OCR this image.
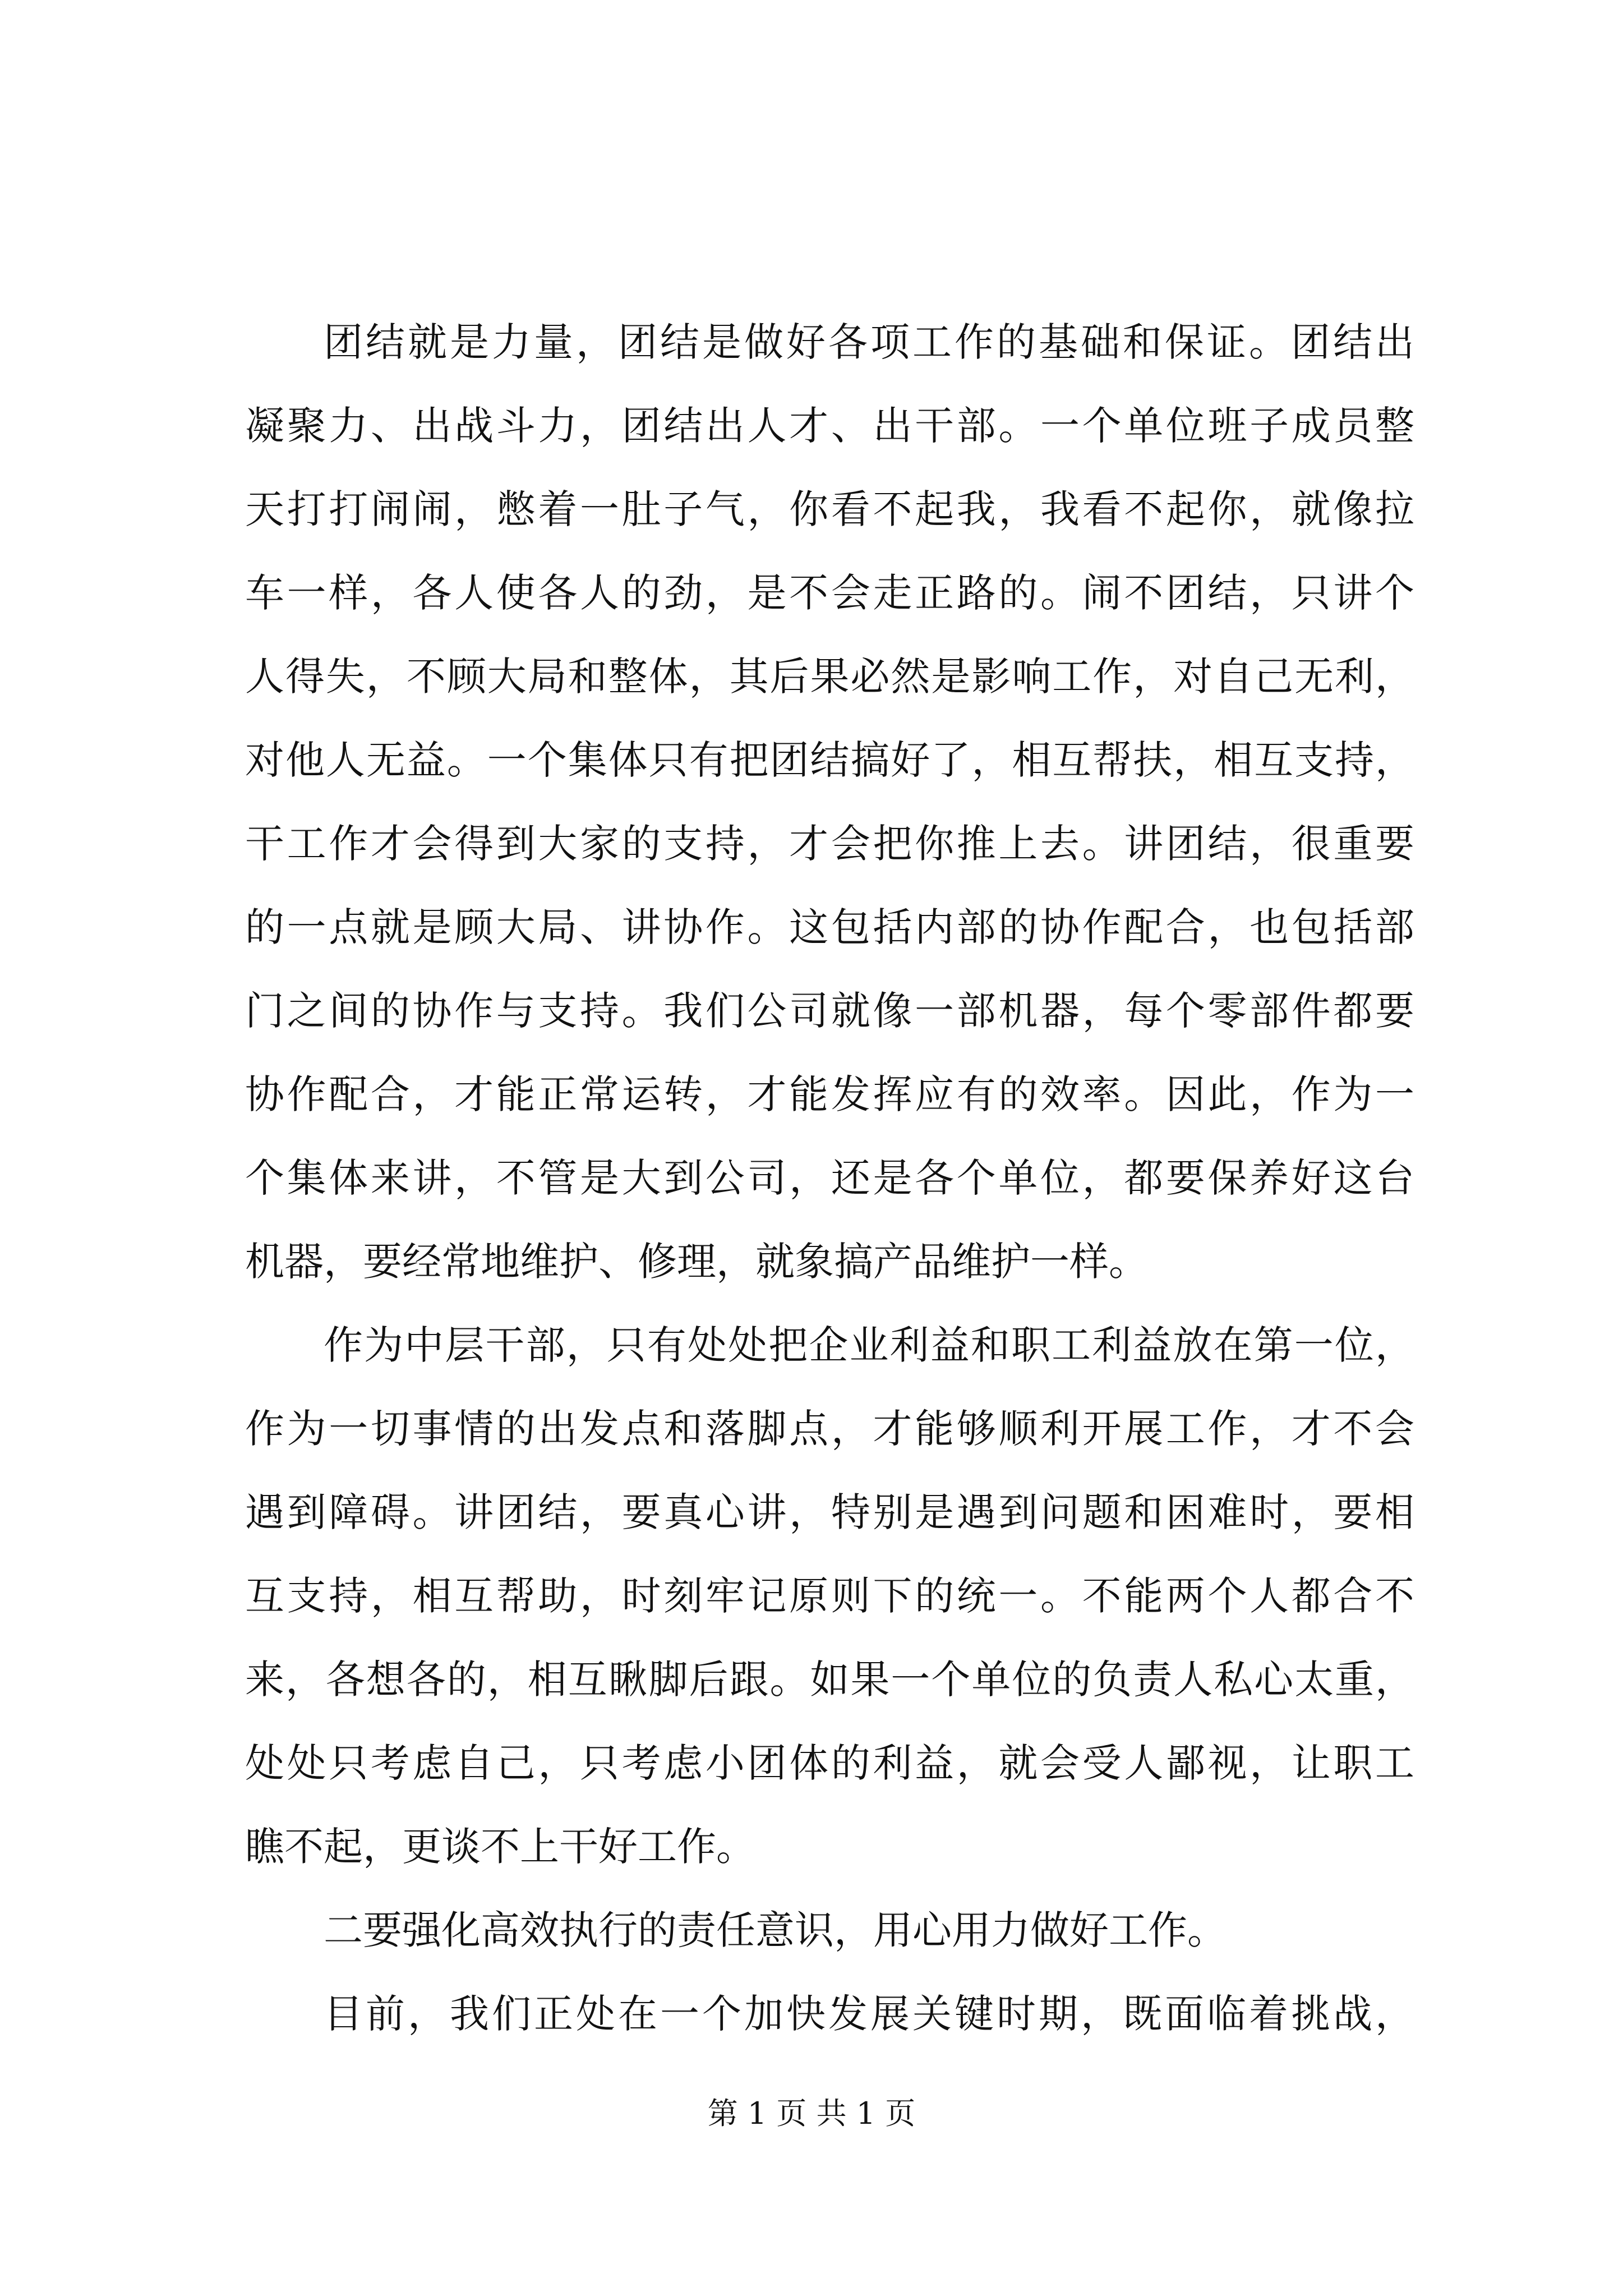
团结就是力量，团结是做好各项工作的基础和保证。团结出
凝聚力、出战斗力，团结出人才、出干部。一个单位班子成员整
天打打闹闹，憋着一肚子气，你看不起我，我看不起你，就像拉
车一样，各人使各人的劲，是不会走正路的。闹不团结，只讲个
人得失，不顾大局和整体，其后果必然是影响工作，对自己无利，
对他人无益。一个集体只有把团结搞好了，相互帮扶，相互支持，
干工作才会得到大家的支持，才会把你推上去。讲团结，很重要
的一点就是顾大局、讲协作。这包括内部的协作配合，也包括部
门之间的协作与支持。我们公司就像一部机器，每个零部件都要
协作配合，才能正常运转，才能发挥应有的效率。因此，作为一
个集体来讲，不管是大到公司，还是各个单位，都要保养好这台
机器，要经常地维护、修理，就象搞产品维护一样。
作为中层干部，只有处处把企业利益和职工利益放在第一位，
作为一切事情的出发点和落脚点，才能够顺利开展工作，才不会
遇到障碍。讲团结，要真心讲，特别是遇到问题和困难时，要相
互支持，相互帮助，时刻牢记原则下的统一。不能两个人都合不
来，各想各的，相互瞅脚后跟。如果一个单位的负责人私心太重，
处处只考虑自己，只考虑小团体的利益，就会受人鄙视，让职工
瞧不起，更谈不上干好工作。
二要强化高效执行的责任意识，用心用力做好工作。
目前，我们正处在一个加快发展关键时期，既面临着挑战，
第 1 页 共 1 页
